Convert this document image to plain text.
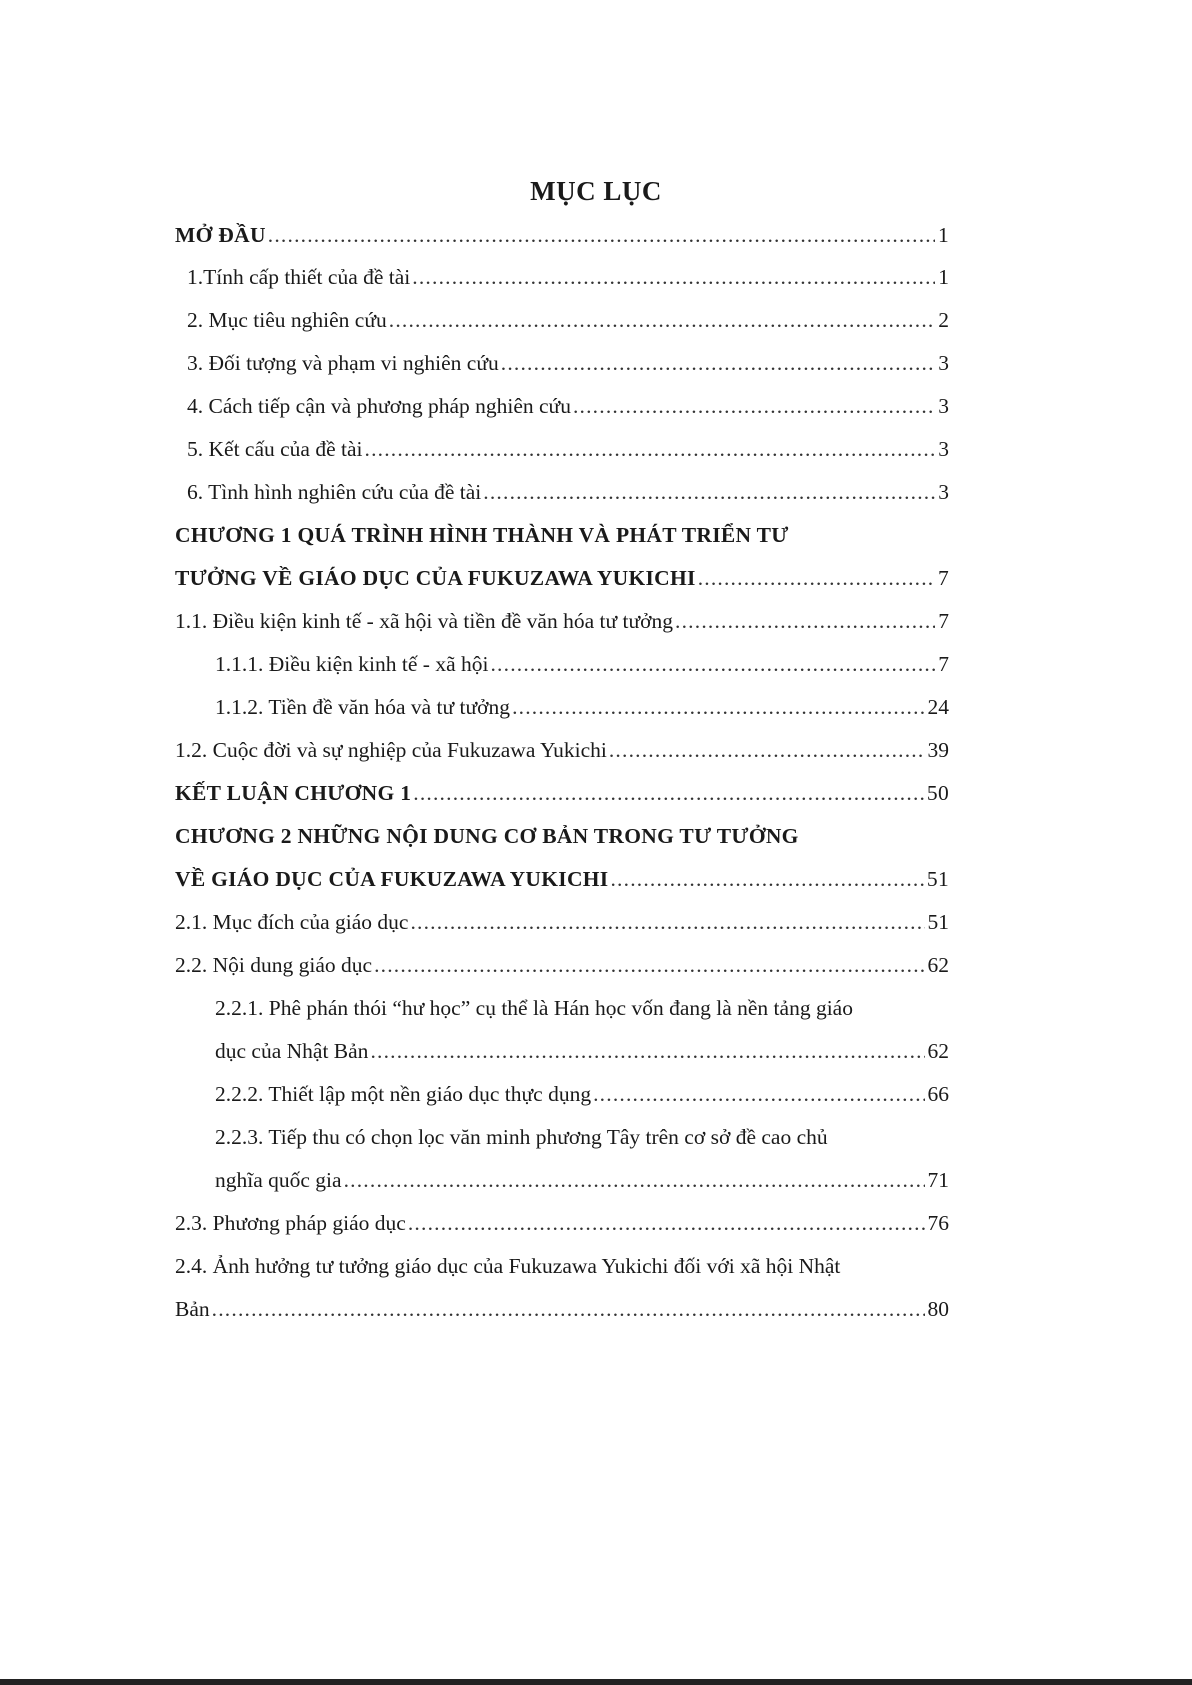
MỤC LỤC
MỞ ĐẦU .....	1
1.Tính cấp thiết của đề tài .....	1
2. Mục tiêu nghiên cứu .....	2
3. Đối tượng và phạm vi nghiên cứu .....	3
4. Cách tiếp cận và phương pháp nghiên cứu .....	3
5. Kết cấu của đề tài .....	3
6. Tình hình nghiên cứu của đề tài .....	3
CHƯƠNG 1 QUÁ TRÌNH HÌNH THÀNH VÀ PHÁT TRIỂN TƯ
TƯỞNG VỀ GIÁO DỤC CỦA FUKUZAWA YUKICHI .....	7
1.1. Điều kiện kinh tế - xã hội và tiền đề văn hóa tư tưởng .....	7
1.1.1. Điều kiện kinh tế - xã hội .....	7
1.1.2. Tiền đề văn hóa và tư tưởng .....	24
1.2. Cuộc đời và sự nghiệp của Fukuzawa Yukichi .....	39
KẾT LUẬN CHƯƠNG 1 .....	50
CHƯƠNG 2 NHỮNG NỘI DUNG CƠ BẢN TRONG TƯ TƯỞNG
VỀ GIÁO DỤC CỦA FUKUZAWA YUKICHI .....	51
2.1. Mục đích của giáo dục .....	51
2.2. Nội dung giáo dục .....	62
2.2.1. Phê phán thói “hư học” cụ thể là Hán học vốn đang là nền tảng giáo
dục của Nhật Bản .....	62
2.2.2. Thiết lập một nền giáo dục thực dụng .....	66
2.2.3. Tiếp thu có chọn lọc văn minh phương Tây trên cơ sở đề cao chủ
nghĩa quốc gia .....	71
2.3. Phương pháp giáo dục .....	76
2.4. Ảnh hưởng tư tưởng giáo dục của Fukuzawa Yukichi đối với xã hội Nhật
Bản .....	80
